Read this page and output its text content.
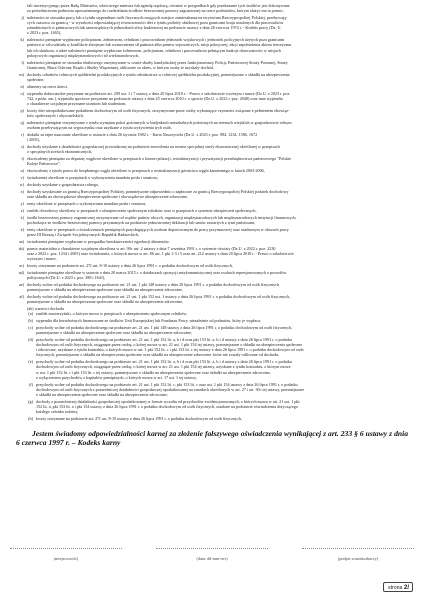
fali inwestycyjnego przez Radę Ministrów, właściwego ministra lub agendę rządową, również w przypadkach gdy przekazanie tych środków jest dokonywane
za pośrednictwem podmiotu upoważnionego do rozdzielania środków bezzwrotnej pomocy zagranicznej na rzecz podmiotów, którym służyć ma ta pomoc,
j) należności ze stosunku pracy lub z tytułu stypendium osób fizycznych mających miejsce zamieszkania na terytorium Rzeczypospolitej Polskiej, przebywają-
cych czasowo za granicą - w wysokości odpowiadającej równowartości diet z tytułu podróży służbowej poza granicami kraju ustalonych dla pracowników
zatrudnionych w państwowych lub samorządowych jednostkach sfery budżetowej na podstawie ustawy z dnia 26 czerwca 1974 r. - Kodeks pracy (Dz. U.
z 2023 r. poz. 1465),
k) należności pieniężne wypłacone policjantom, żołnierzom, celnikom i pracownikom jednostek wojskowych i jednostek policyjnych użytych poza granicami
państwa w celu udziału w konflikcie zbrojnym lub wzmocnienia sił państwa albo państw sojuszniczych, misji pokojowej, akcji zapobieżenia aktom terroryzmu
lub ich skutkom, a także należności pieniężne wypłacone żołnierzom, policjantom, celnikom i pracownikom pełniącym funkcje obserwatorów w misjach
pokojowych organizacji międzynarodowych i sił wielonarodowych,
l) należności pieniężne ze stosunku służbowego otrzymywane w czasie służby kandydackiej przez funkcjonariuszy Policji, Państwowej Straży Pożarnej, Straży
Granicznej, Biura Ochrony Rządu i Służby Więziennej, obliczone za okres, w którym osoby te uzyskały dochód,
m) dochody członków rolniczych spółdzielni produkcyjnych z tytułu członkostwa w rolniczej spółdzielni produkcyjnej, pomniejszone o składki na ubezpieczenia
społeczne,
n) alimenty na rzecz dzieci,
o) stypendia doktoranckie przyznane na podstawie art. 209 ust. 1 i 7 ustawy z dnia 20 lipca 2018 r. - Prawo o szkolnictwie wyższym i nauce (Dz.U. z 2023 r. poz.
742, z późn. zm.), stypendia sportowe przyznane na podstawie ustawy z dnia 25 czerwca 2010 r. o sporcie (Dz.U. z 2023 r. poz. 2048) oraz inne stypendia
o charakterze socjalnym przyznane uczniom lub studentom,
p) kwoty diet nieopodatkowane podatkiem dochodowym od osób fizycznych, otrzymywane przez osoby wykonujące czynności związane z pełnieniem obowiąz-
ków społecznych i obywatelskich,
q) należności pieniężne otrzymywane z tytułu wynajmu pokoi gościnnych w budynkach mieszkalnych położonych na terenach wiejskich w gospodarstwie rolnym
osobom przebywającym na wypoczynku oraz uzyskane z tytułu wyżywienia tych osób,
r) dodatki za tajne nauczanie określone w ustawie z dnia 26 stycznia 1982 r. - Karta Nauczyciela (Dz.U. z 2023 r. poz. 984, 1234, 1586, 1672
i 2005),
s) dochody uzyskane z działalności gospodarczej prowadzonej na podstawie zezwolenia na terenie specjalnej strefy ekonomicznej określonej w przepisach
o specjalnych strefach ekonomicznych,
t) ekwiwalenty pieniężne za deputaty węglowe określone w przepisach o komercjalizacji, restrukturyzacji i prywatyzacji przedsiębiorstwa państwowego "Polskie
Koleje Państwowe",
u) ekwiwalenty z tytułu prawa do bezpłatnego węgla określone w przepisach o restrukturyzacji górnictwa węgla kamiennego w latach 2003-2006,
v) świadczenia określone w przepisach o wykonywaniu mandatu posła i senatora,
w) dochody uzyskane z gospodarstwa rolnego,
x) dochody uzyskiwane za granicą Rzeczypospolitej Polskiej, pomniejszone odpowiednio o zapłacone za granicą Rzeczypospolitej Polskiej podatek dochodowy
oraz składki na obowiązkowe ubezpieczenie społeczne i obowiązkowe ubezpieczenie zdrowotne,
y) renty określone w przepisach o wykonywaniu mandatu posła i senatora,
z) zasiłek chorobowy określony w przepisach o ubezpieczeniu społecznym rolników oraz w przepisach o systemie ubezpieczeń społecznych,
ż) środki bezzwrotnej pomocy zagranicznej otrzymywane od rządów państw obcych, organizacji międzynarodowych lub międzynarodowych instytucji finansowych,
pochodzące ze środków bezzwrotnej pomocy przyznanych na podstawie jednostronnej deklaracji lub umów zawartych z tymi państwami,
ź) renty określone w przepisach o świadczeniach pieniężnych przysługujących osobom deportowanym do pracy przymusowej oraz osadzonym w obozach pracy
przez III Rzeszę i Związek Socjalistycznych Republik Radzieckich,
aa) świadczenia pieniężne wypłacane w przypadku bezskuteczności egzekucji alimentów,
ab) pomoc materialna o charakterze socjalnym określona w art. 90c ust. 2 ustawy z dnia 7 września 1991 r. o systemie oświaty (Dz.U. z 2022 r. poz. 2230
oraz z 2023 r. poz. 1234 i 2005) oraz świadczenia, o których mowa w art. 86 ust. 1 pkt 1-3 i 5 oraz art. 212 ustawy z dnia 20 lipca 2018 r. - Prawo o szkolnictwie
wyższym i nauce,
ac) kwoty otrzymane na podstawie art. 27f ust. 8-10 ustawy z dnia 26 lipca 1991 r. o podatku dochodowym od osób fizycznych,
ad) świadczenie pieniężne określone w ustawie z dnia 20 marca 2015 r. o działaczach opozycji antykomunistycznej oraz osobach represjonowanych z powodów
politycznych (Dz.U. z 2023 r. poz. 388 i 1641),
ae) dochody wolne od podatku dochodowego na podstawie art. 21 ust. 1 pkt 148 ustawy z dnia 26 lipca 1991 r. o podatku dochodowym od osób fizycznych
pomniejszone o składki na ubezpieczenia społeczne oraz składki na ubezpieczenie zdrowotne,
af) dochody wolne od podatku dochodowego na podstawie art. 21 ust. 1 pkt 152 ust. 1 ustawy z dnia 26 lipca 1991 r. o podatku dochodowym od osób fizycznych,
pomniejszone o składki na ubezpieczenia społeczne oraz składki na ubezpieczenie zdrowotne,
(ab) wartości dochodu
(a) zasiłek macierzyński, o którym mowa w przepisach o ubezpieczeniu społecznym rolników,
(b) stypendia dla bezrobotnych finansowane ze środków Unii Europejskiej lub Funduszu Pracy, niezależnie od podmiotu, który je wypłaca,
(c) przychody wolne od podatku dochodowego na podstawie art. 21 ust. 1 pkt 148 ustawy z dnia 26 lipca 1991 r. o podatku dochodowym od osób fizycznych,
pomniejszone o składki na ubezpieczenia społeczne oraz składki na ubezpieczenie zdrowotne,
(d) przychody wolne od podatku dochodowego na podstawie art. 21 ust. 1 pkt 152 lit. a, b i d oraz pkt 153 lit. a, b i d ustawy z dnia 26 lipca 1991 r. o podatku
dochodowym od osób fizycznych, osiągnięte przez osobę, o której mowa w art. 21 ust. 1 pkt 154 tej ustawy, pomniejszone o składki na ubezpieczenia społeczne
i zdrowotne, uzyskane z tytułu kontraktu, o których mowa w ust. 1 pkt 152 lit. c i pkt 153 lit. c tej ustawy z dnia 26 lipca 1991 r. o podatku dochodowym od osób
fizycznych, pomniejszone o składki na ubezpieczenia społeczne oraz składki na ubezpieczenie zdrowotne, które nie zostały odliczone od dochodu,
(e) przychody wolne od podatku dochodowego na podstawie art. 21 ust. 1 pkt 152 lit. a, b i d oraz pkt 153 lit. a, b i d ustawy z dnia 26 lipca 1991 r. o podatku
dochodowym od osób fizycznych, osiągnięte przez osobę, o której mowa w art. 21 ust. 1 pkt 154 tej ustawy, uzyskane z tytułu kontraktu, o którym mowa
w ust. 1 pkt 152 lit. c i pkt 153 lit. c tej ustawy, pomniejszone o składki na ubezpieczenia społeczne oraz składki na ubezpieczenie zdrowotne,
z wyłączeniem przychodów z kapitałów pieniężnych, o których mowa w art. 17 ust. 1 tej ustawy,
(f) przychody wolne od podatku dochodowego na podstawie art. 21 ust. 1 pkt 152 lit. c, pkt 153 lit. c oraz ust. 1 pkt 154 ustawy z dnia 26 lipca 1991 r. o podatku
dochodowym od osób fizycznych z pozarolniczej działalności gospodarczej opodatkowanej na zasadach określonych w art. 27 i art. 30c tej ustawy, pomniejszone
o składki na ubezpieczenia społeczne oraz składki na ubezpieczenie zdrowotne,
(g) dochody z pozarolniczej działalności gospodarczej opodatkowanej w formie ryczałtu od przychodów ewidencjonowanych, o których mowa w art. 21 ust. 1 pkt
152 lit. a, pkt 153 lit. a i pkt 154 ustawy z dnia 26 lipca 1991 r. o podatku dochodowym od osób fizycznych, ustalone na podstawie oświadczenia dotyczącego
każdego członka rodziny,
(h) kwoty otrzymane na podstawie art. 27f ust. 8-10 ustawy z dnia 26 lipca 1991 r. o podatku dochodowym od osób fizycznych,
Jestem świadomy odpowiedzialności karnej za złożenie fałszywego oświadczenia wynikającej z art. 233 § 6 ustawy z dnia 6 czerwca 1997 r. – Kodeks karny
(miejscowość)	(data: dd-mm-rrrr)	(podpis wnioskodawcy)
strona 2/
